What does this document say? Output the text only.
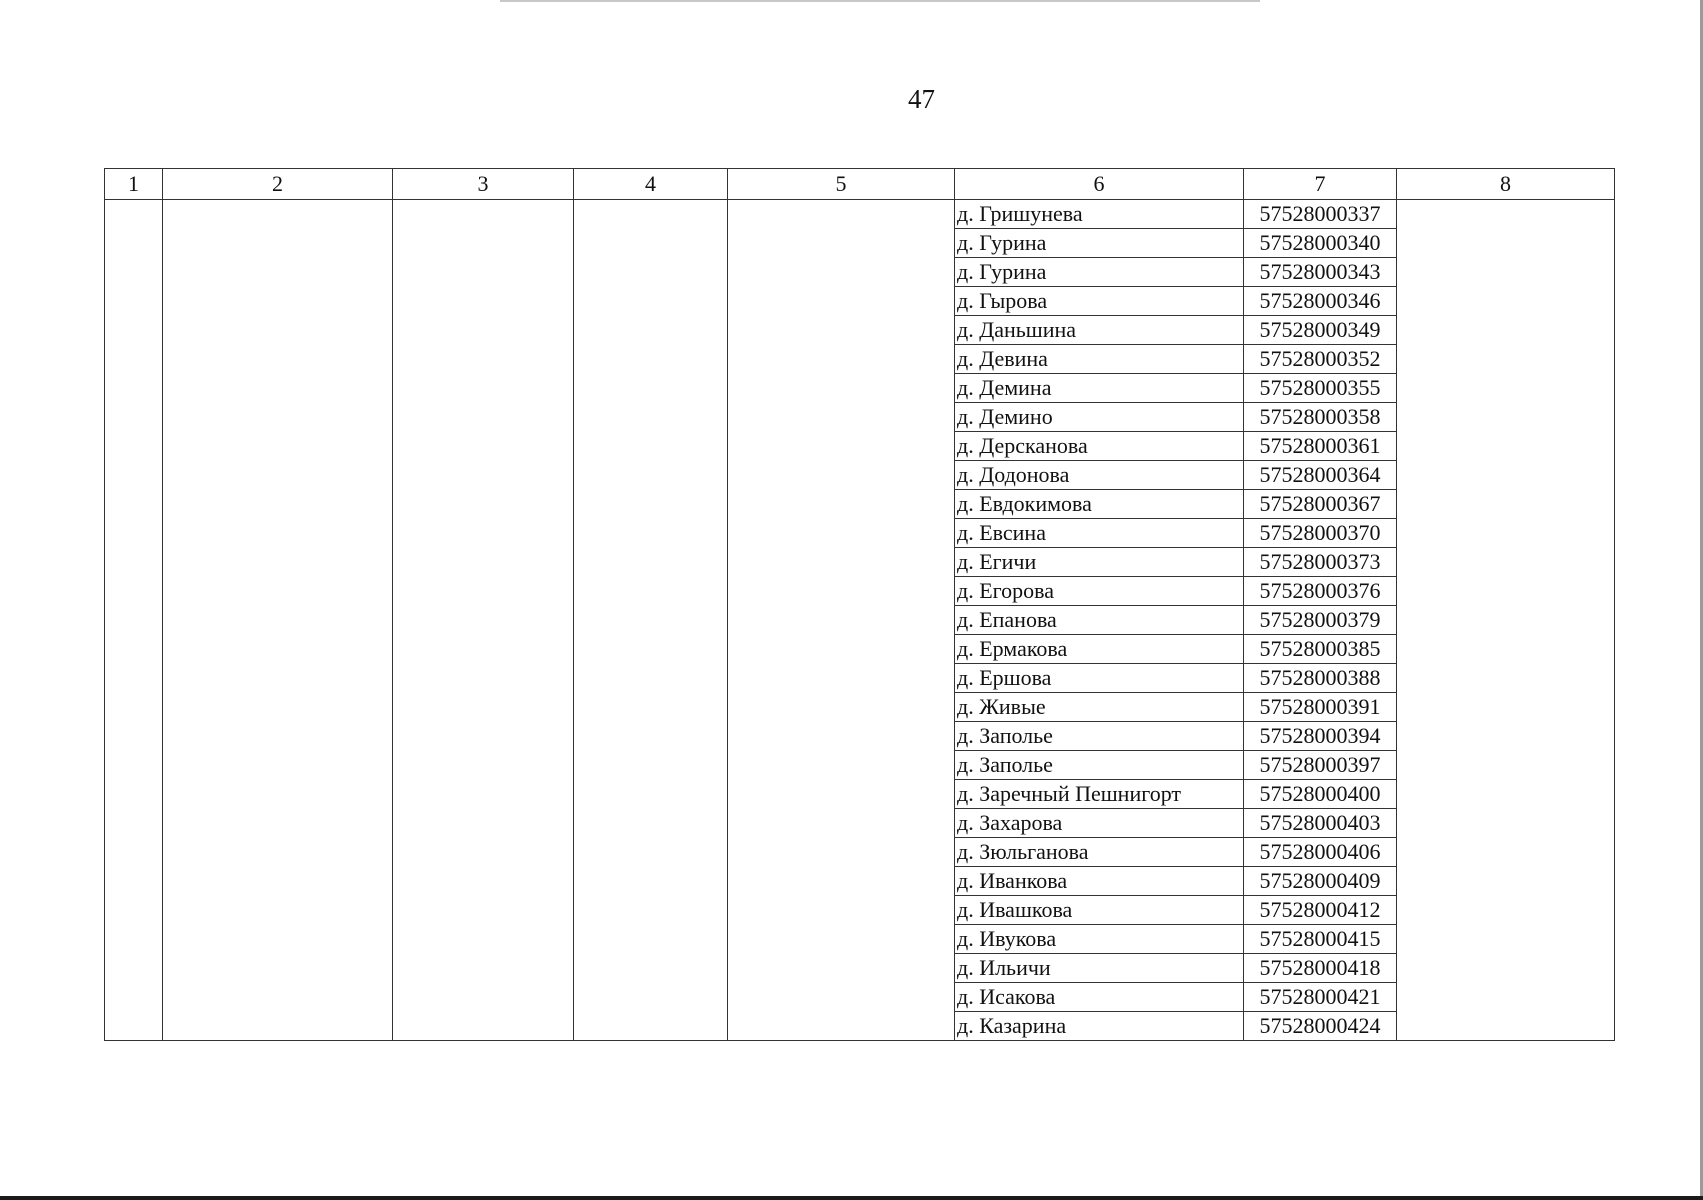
47
1	2	3	4	5	6	7	8
					д. Гришунева	57528000337	
					д. Гурина	57528000340	
					д. Гурина	57528000343	
					д. Гырова	57528000346	
					д. Даньшина	57528000349	
					д. Девина	57528000352	
					д. Демина	57528000355	
					д. Демино	57528000358	
					д. Дерсканова	57528000361	
					д. Додонова	57528000364	
					д. Евдокимова	57528000367	
					д. Евсина	57528000370	
					д. Егичи	57528000373	
					д. Егорова	57528000376	
					д. Епанова	57528000379	
					д. Ермакова	57528000385	
					д. Ершова	57528000388	
					д. Живые	57528000391	
					д. Заполье	57528000394	
					д. Заполье	57528000397	
					д. Заречный Пешнигорт	57528000400	
					д. Захарова	57528000403	
					д. Зюльганова	57528000406	
					д. Иванкова	57528000409	
					д. Ивашкова	57528000412	
					д. Ивукова	57528000415	
					д. Ильичи	57528000418	
					д. Исакова	57528000421	
					д. Казарина	57528000424	
